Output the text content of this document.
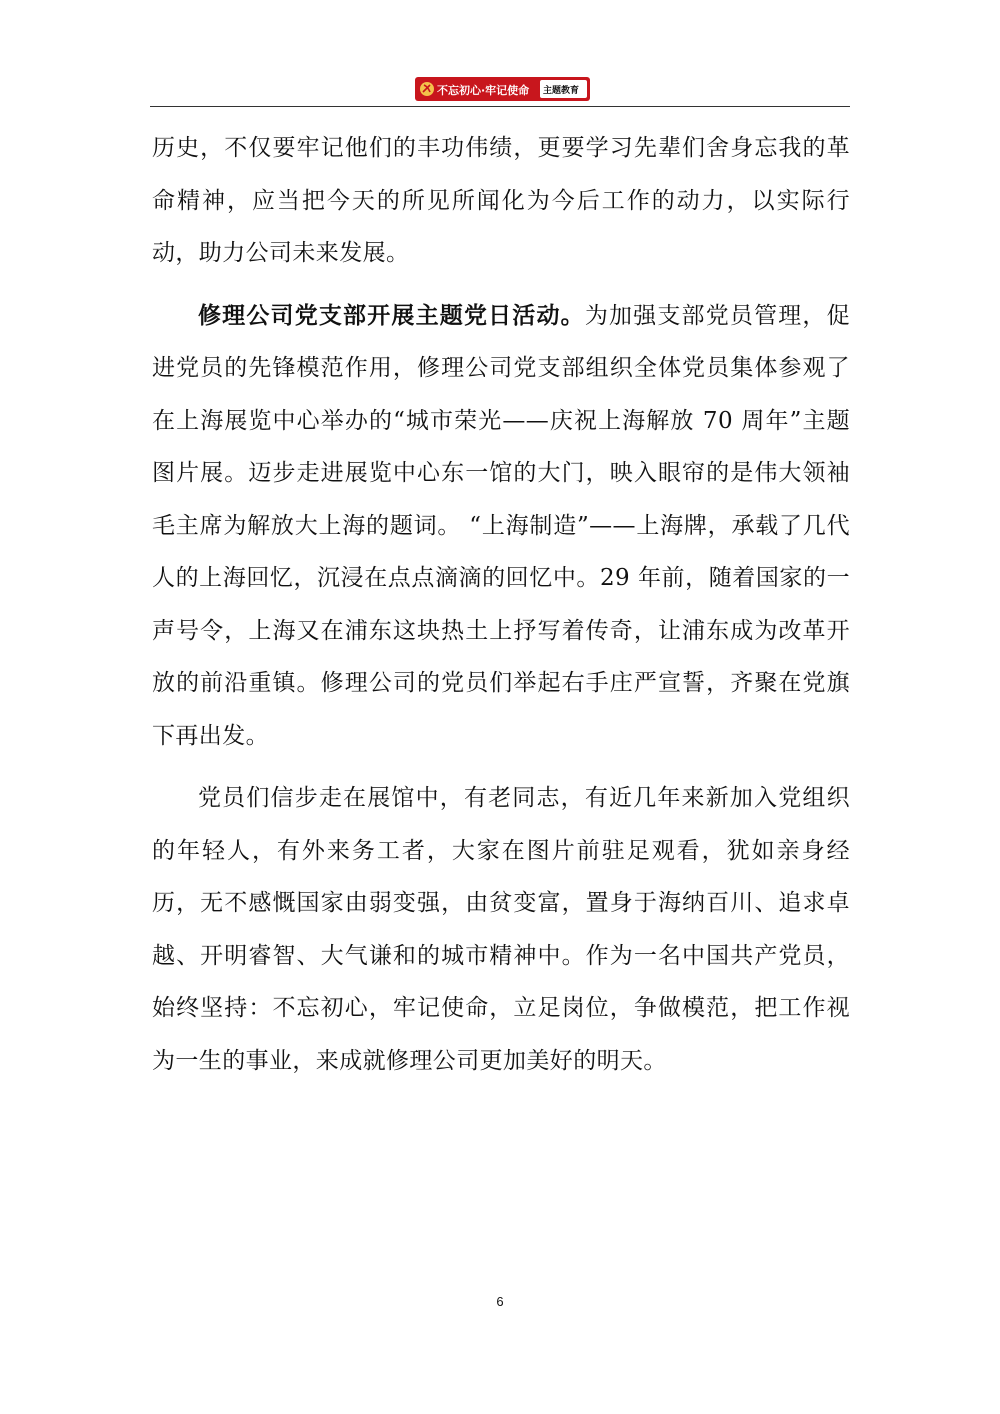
不忘初心·牢记使命 主题教育

历史，不仅要牢记他们的丰功伟绩，更要学习先辈们舍身忘我的革命精神，应当把今天的所见所闻化为今后工作的动力，以实际行动，助力公司未来发展。

修理公司党支部开展主题党日活动。为加强支部党员管理，促进党员的先锋模范作用，修理公司党支部组织全体党员集体参观了在上海展览中心举办的“城市荣光——庆祝上海解放 70 周年”主题图片展。迈步走进展览中心东一馆的大门，映入眼帘的是伟大领袖毛主席为解放大上海的题词。 “上海制造”——上海牌，承载了几代人的上海回忆，沉浸在点点滴滴的回忆中。29 年前，随着国家的一声号令，上海又在浦东这块热土上抒写着传奇，让浦东成为改革开放的前沿重镇。修理公司的党员们举起右手庄严宣誓，齐聚在党旗下再出发。

党员们信步走在展馆中，有老同志，有近几年来新加入党组织的年轻人，有外来务工者，大家在图片前驻足观看，犹如亲身经历，无不感慨国家由弱变强，由贫变富，置身于海纳百川、追求卓越、开明睿智、大气谦和的城市精神中。作为一名中国共产党员，始终坚持：不忘初心，牢记使命，立足岗位，争做模范，把工作视为一生的事业，来成就修理公司更加美好的明天。

6
